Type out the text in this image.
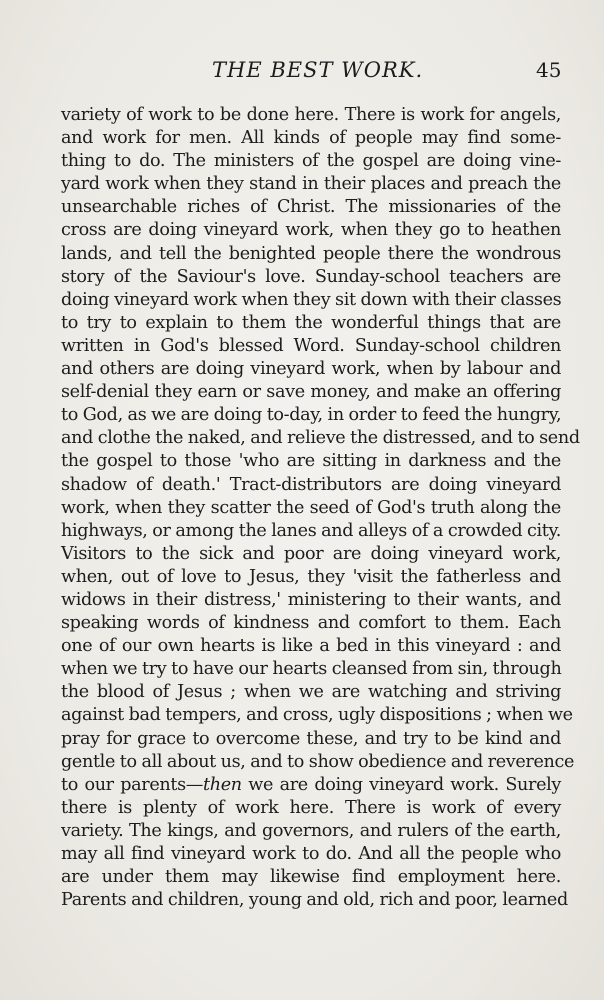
THE BEST WORK.	45
variety of work to be done here. There is work for angels,
and work for men. All kinds of people may find some-
thing to do. The ministers of the gospel are doing vine-
yard work when they stand in their places and preach the
unsearchable riches of Christ. The missionaries of the
cross are doing vineyard work, when they go to heathen
lands, and tell the benighted people there the wondrous
story of the Saviour's love. Sunday-school teachers are
doing vineyard work when they sit down with their classes
to try to explain to them the wonderful things that are
written in God's blessed Word. Sunday-school children
and others are doing vineyard work, when by labour and
self-denial they earn or save money, and make an offering
to God, as we are doing to-day, in order to feed the hungry,
and clothe the naked, and relieve the distressed, and to send
the gospel to those 'who are sitting in darkness and the
shadow of death.' Tract-distributors are doing vineyard
work, when they scatter the seed of God's truth along the
highways, or among the lanes and alleys of a crowded city.
Visitors to the sick and poor are doing vineyard work,
when, out of love to Jesus, they 'visit the fatherless and
widows in their distress,' ministering to their wants, and
speaking words of kindness and comfort to them. Each
one of our own hearts is like a bed in this vineyard : and
when we try to have our hearts cleansed from sin, through
the blood of Jesus ; when we are watching and striving
against bad tempers, and cross, ugly dispositions ; when we
pray for grace to overcome these, and try to be kind and
gentle to all about us, and to show obedience and reverence
to our parents—then we are doing vineyard work. Surely
there is plenty of work here. There is work of every
variety. The kings, and governors, and rulers of the earth,
may all find vineyard work to do. And all the people who
are under them may likewise find employment here.
Parents and children, young and old, rich and poor, learned
